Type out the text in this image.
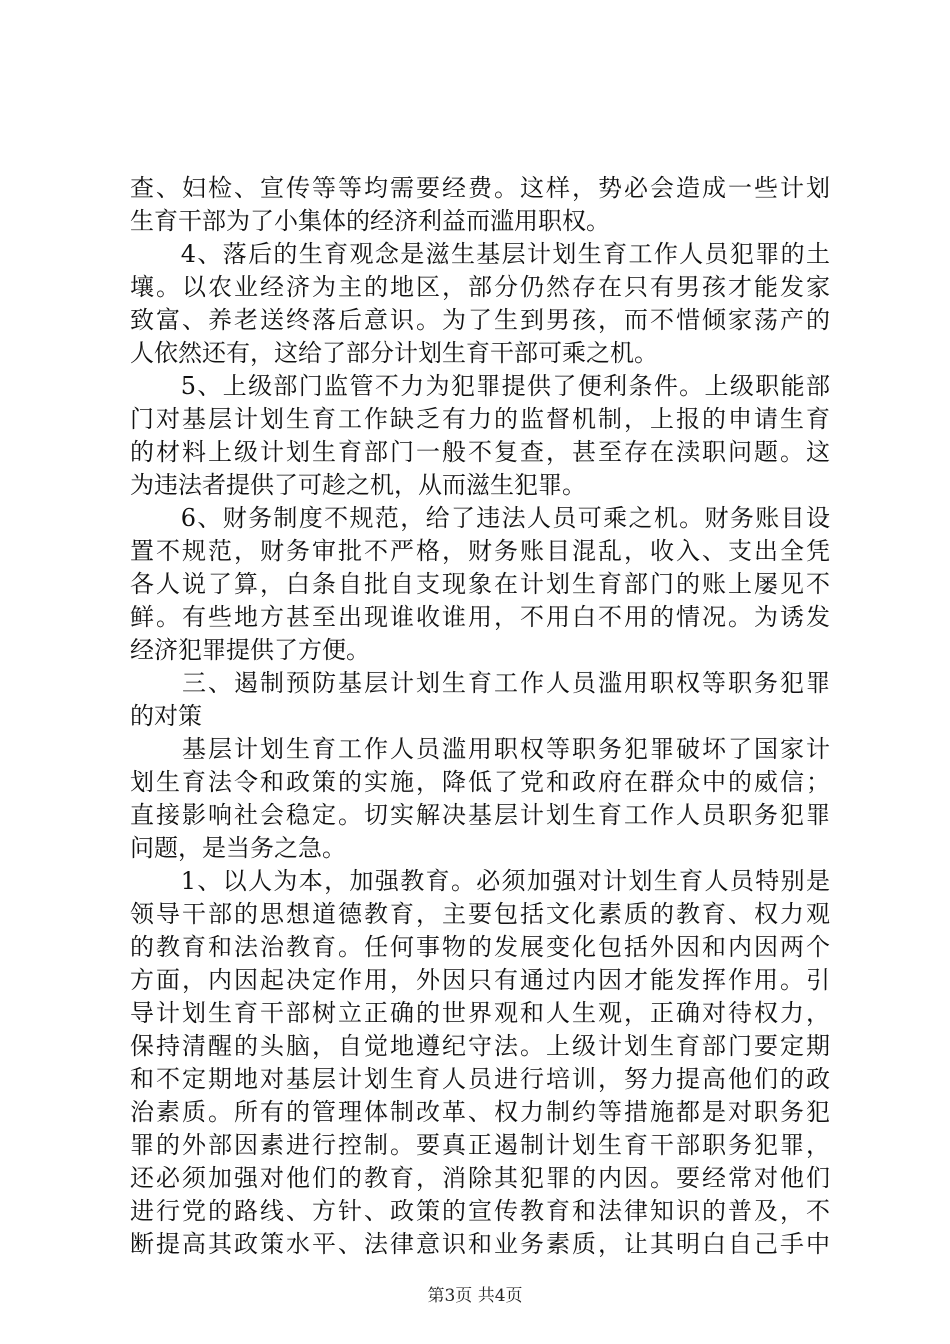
查、妇检、宣传等等均需要经费。这样，势必会造成一些计划
生育干部为了小集体的经济利益而滥用职权。
　　4、落后的生育观念是滋生基层计划生育工作人员犯罪的土
壤。以农业经济为主的地区，部分仍然存在只有男孩才能发家
致富、养老送终落后意识。为了生到男孩，而不惜倾家荡产的
人依然还有，这给了部分计划生育干部可乘之机。
　　5、上级部门监管不力为犯罪提供了便利条件。上级职能部
门对基层计划生育工作缺乏有力的监督机制，上报的申请生育
的材料上级计划生育部门一般不复查，甚至存在渎职问题。这
为违法者提供了可趁之机，从而滋生犯罪。
　　6、财务制度不规范，给了违法人员可乘之机。财务账目设
置不规范，财务审批不严格，财务账目混乱，收入、支出全凭
各人说了算，白条自批自支现象在计划生育部门的账上屡见不
鲜。有些地方甚至出现谁收谁用，不用白不用的情况。为诱发
经济犯罪提供了方便。
　　三、遏制预防基层计划生育工作人员滥用职权等职务犯罪
的对策
　　基层计划生育工作人员滥用职权等职务犯罪破坏了国家计
划生育法令和政策的实施，降低了党和政府在群众中的威信；
直接影响社会稳定。切实解决基层计划生育工作人员职务犯罪
问题，是当务之急。
　　1、以人为本，加强教育。必须加强对计划生育人员特别是
领导干部的思想道德教育，主要包括文化素质的教育、权力观
的教育和法治教育。任何事物的发展变化包括外因和内因两个
方面，内因起决定作用，外因只有通过内因才能发挥作用。引
导计划生育干部树立正确的世界观和人生观，正确对待权力，
保持清醒的头脑，自觉地遵纪守法。上级计划生育部门要定期
和不定期地对基层计划生育人员进行培训，努力提高他们的政
治素质。所有的管理体制改革、权力制约等措施都是对职务犯
罪的外部因素进行控制。要真正遏制计划生育干部职务犯罪，
还必须加强对他们的教育，消除其犯罪的内因。要经常对他们
进行党的路线、方针、政策的宣传教育和法律知识的普及，不
断提高其政策水平、法律意识和业务素质，让其明白自己手中
第3页 共4页
